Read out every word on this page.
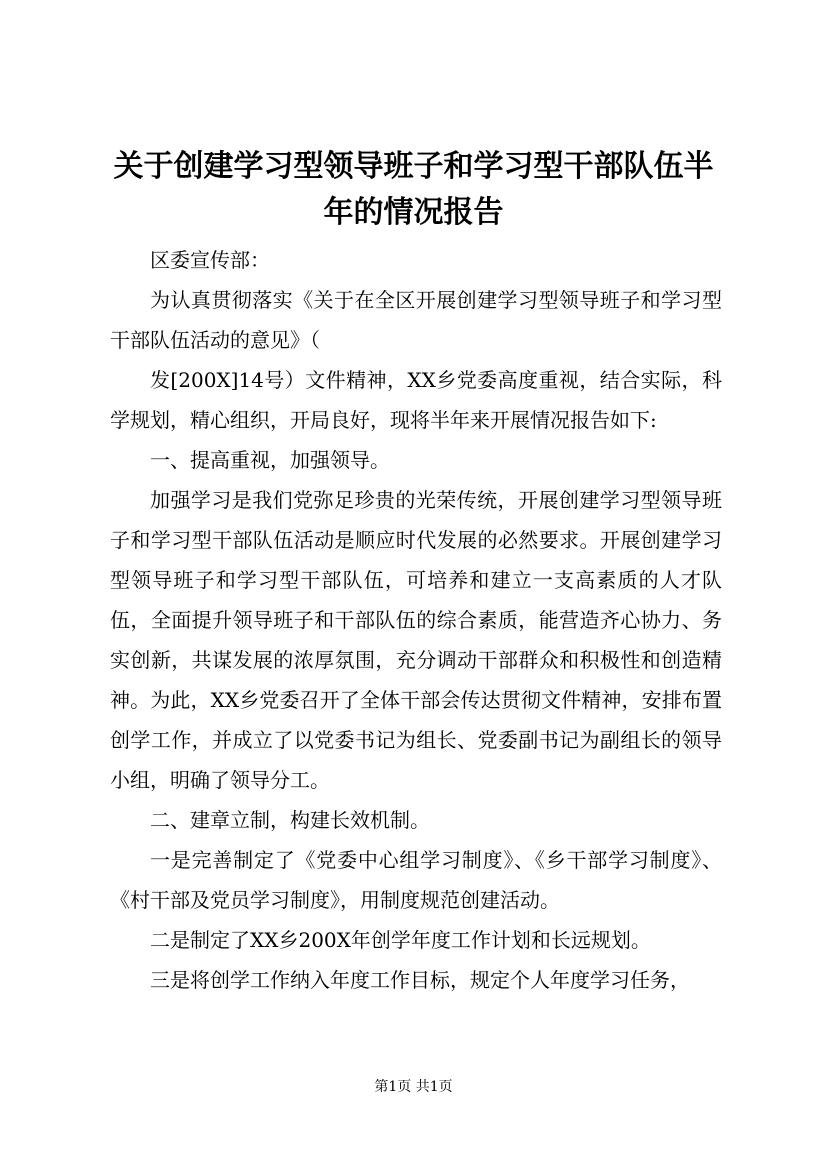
关于创建学习型领导班子和学习型干部队伍半年的情况报告

区委宣传部：

为认真贯彻落实《关于在全区开展创建学习型领导班子和学习型干部队伍活动的意见》（

发[200X]14号）文件精神，XX乡党委高度重视，结合实际，科学规划，精心组织，开局良好，现将半年来开展情况报告如下:

一、提高重视，加强领导。

加强学习是我们党弥足珍贵的光荣传统，开展创建学习型领导班子和学习型干部队伍活动是顺应时代发展的必然要求。开展创建学习型领导班子和学习型干部队伍，可培养和建立一支高素质的人才队伍，全面提升领导班子和干部队伍的综合素质，能营造齐心协力、务实创新，共谋发展的浓厚氛围，充分调动干部群众和积极性和创造精神。为此，XX乡党委召开了全体干部会传达贯彻文件精神，安排布置创学工作，并成立了以党委书记为组长、党委副书记为副组长的领导小组，明确了领导分工。

二、建章立制，构建长效机制。

一是完善制定了《党委中心组学习制度》、《乡干部学习制度》、《村干部及党员学习制度》，用制度规范创建活动。

二是制定了XX乡200X年创学年度工作计划和长远规划。

三是将创学工作纳入年度工作目标，规定个人年度学习任务，

第1页 共1页
